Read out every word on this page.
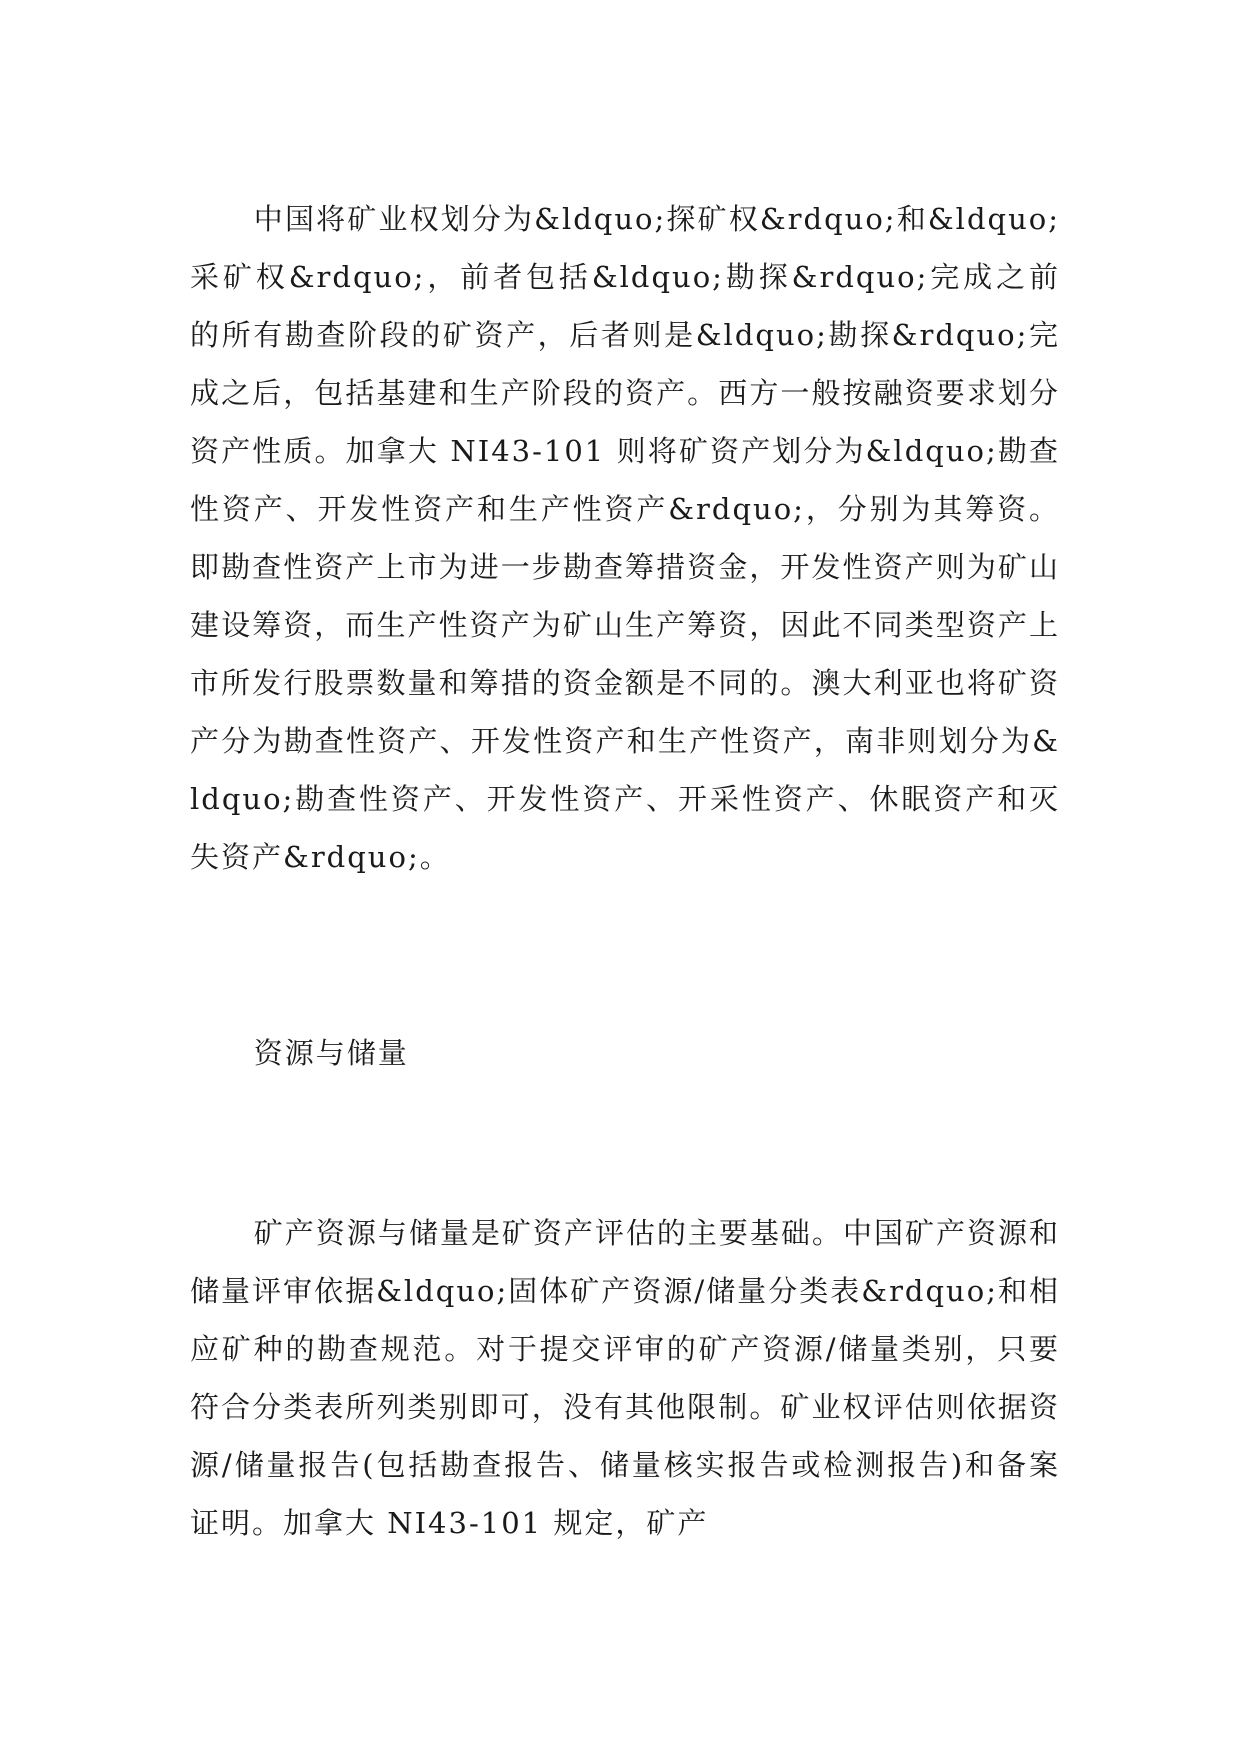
中国将矿业权划分为&ldquo;探矿权&rdquo;和&ldquo;采矿权&rdquo;，前者包括&ldquo;勘探&rdquo;完成之前的所有勘查阶段的矿资产，后者则是&ldquo;勘探&rdquo;完成之后，包括基建和生产阶段的资产。西方一般按融资要求划分资产性质。加拿大 NI43-101 则将矿资产划分为&ldquo;勘查性资产、开发性资产和生产性资产&rdquo;，分别为其筹资。即勘查性资产上市为进一步勘查筹措资金，开发性资产则为矿山建设筹资，而生产性资产为矿山生产筹资，因此不同类型资产上市所发行股票数量和筹措的资金额是不同的。澳大利亚也将矿资产分为勘查性资产、开发性资产和生产性资产，南非则划分为&ldquo;勘查性资产、开发性资产、开采性资产、休眠资产和灭失资产&rdquo;。

资源与储量

矿产资源与储量是矿资产评估的主要基础。中国矿产资源和储量评审依据&ldquo;固体矿产资源/储量分类表&rdquo;和相应矿种的勘查规范。对于提交评审的矿产资源/储量类别，只要符合分类表所列类别即可，没有其他限制。矿业权评估则依据资源/储量报告(包括勘查报告、储量核实报告或检测报告)和备案证明。加拿大 NI43-101 规定，矿产
